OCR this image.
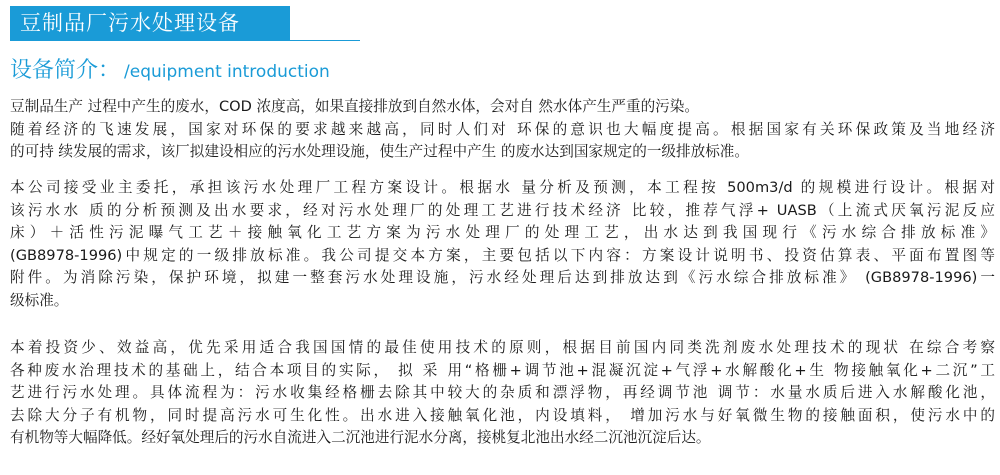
豆制品厂污水处理设备
设备简介： /equipment introduction

豆制品生产 过程中产生的废水，COD 浓度高，如果直接排放到自然水体，会对自 然水体产生严重的污染。
随着经济的飞速发展，国家对环保的要求越来越高，同时人们对 环保的意识也大幅度提高。根据国家有关环保政策及当地经济
的可持 续发展的需求，该厂拟建设相应的污水处理设施，使生产过程中产生 的废水达到国家规定的一级排放标准。

本公司接受业主委托，承担该污水处理厂工程方案设计。根据水 量分析及预测，本工程按 500m3/d 的规模进行设计。根据对
该污水水 质的分析预测及出水要求，经对污水处理厂的处理工艺进行技术经济 比较，推荐气浮+ UASB（上流式厌氧污泥反应
床）＋活性污泥曝气工艺＋接触氧化工艺方案为污水处理厂的处理工艺，出水达到我国现行《污水综合排放标准》
(GB8978-1996)中规定的一级排放标准。我公司提交本方案，主要包括以下内容：方案设计说明书、投资估算表、平面布置图等
附件。为消除污染，保护环境，拟建一整套污水处理设施，污水经处理后达到排放达到《污水综合排放标准》 (GB8978-1996)一
级标准。

本着投资少、效益高，优先采用适合我国国情的最佳使用技术的原则，根据目前国内同类洗剂废水处理技术的现状 在综合考察
各种废水治理技术的基础上，结合本项目的实际， 拟 采 用“格栅+调节池+混凝沉淀+气浮+水解酸化+生 物接触氧化+二沉”工
艺进行污水处理。具体流程为：污水收集经格栅去除其中较大的杂质和漂浮物，再经调节池 调节：水量水质后进入水解酸化池，
去除大分子有机物，同时提高污水可生化性。出水进入接触氧化池，内设填料， 增加污水与好氧微生物的接触面积，使污水中的
有机物等大幅降低。经好氧处理后的污水自流进入二沉池进行泥水分离，接桃复北池出水经二沉池沉淀后达。
